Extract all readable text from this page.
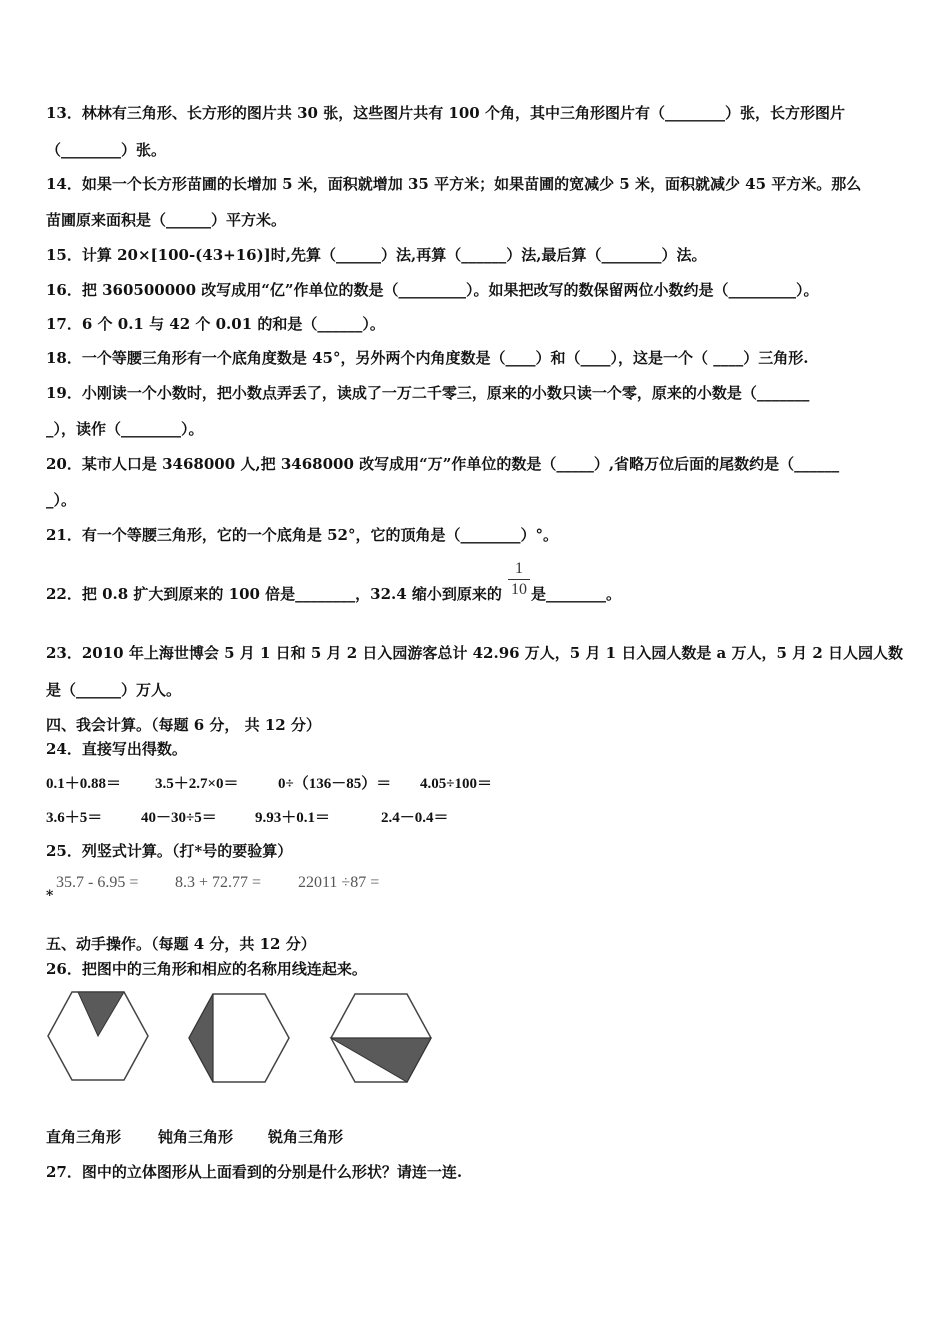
13．林林有三角形、长方形的图片共 30 张，这些图片共有 100 个角，其中三角形图片有（________）张，长方形图片
（________）张。
14．如果一个长方形苗圃的长增加 5 米，面积就增加 35 平方米；如果苗圃的宽减少 5 米，面积就减少 45 平方米。那么
苗圃原来面积是（______）平方米。
15．计算 20×[100-(43+16)]时,先算（______）法,再算（______）法,最后算（________）法。
16．把 360500000 改写成用“亿”作单位的数是（_________）。如果把改写的数保留两位小数约是（_________）。
17．6 个 0.1 与 42 个 0.01 的和是（______）。
18．一个等腰三角形有一个底角度数是 45°，另外两个内角度数是（____）和（____），这是一个（ ____）三角形.
19．小刚读一个小数时，把小数点弄丢了，读成了一万二千零三，原来的小数只读一个零，原来的小数是（_______
_），读作（________）。
20．某市人口是 3468000 人,把 3468000 改写成用“万”作单位的数是（_____）,省略万位后面的尾数约是（______
_）。
21．有一个等腰三角形，它的一个底角是 52°，它的顶角是（________）°。
22．把 0.8 扩大到原来的 100 倍是________，32.4 缩小到原来的
1
10 是________。
23．2010 年上海世博会 5 月 1 日和 5 月 2 日入园游客总计 42.96 万人，5 月 1 日入园人数是 a 万人，5 月 2 日人园人数
是（______）万人。
四、我会计算。（每题 6 分， 共 12 分）
24．直接写出得数。
0.1＋0.88＝ 3.5＋2.7×0＝	0÷（136－85）＝ 4.05÷100＝
3.6＋5＝	40－30÷5＝	9.93＋0.1＝	2.4－0.4＝
25．列竖式计算。（打*号的要验算）
*
35.7 - 6.95 = 8.3 + 72.77 = 22011 ÷87 =
五、动手操作。（每题 4 分，共 12 分）
26．把图中的三角形和相应的名称用线连起来。
直角三角形 钝角三角形 锐角三角形
27．图中的立体图形从上面看到的分别是什么形状？请连一连.
